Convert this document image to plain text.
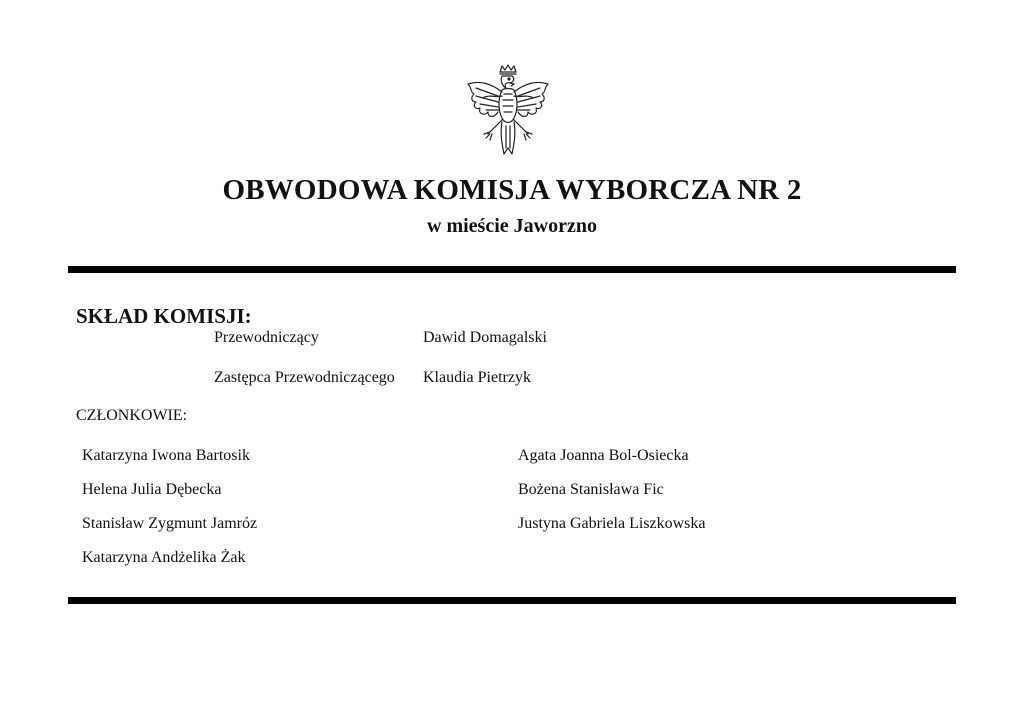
OBWODOWA KOMISJA WYBORCZA NR 2
w mieście Jaworzno
SKŁAD KOMISJI:
Przewodniczący	Dawid Domagalski
Zastępca Przewodniczącego Klaudia Pietrzyk
CZŁONKOWIE:
Katarzyna Iwona Bartosik
Helena Julia Dębecka
Stanisław Zygmunt Jamróz
Katarzyna Andżelika Żak
Agata Joanna Bol-Osiecka
Bożena Stanisława Fic
Justyna Gabriela Liszkowska
